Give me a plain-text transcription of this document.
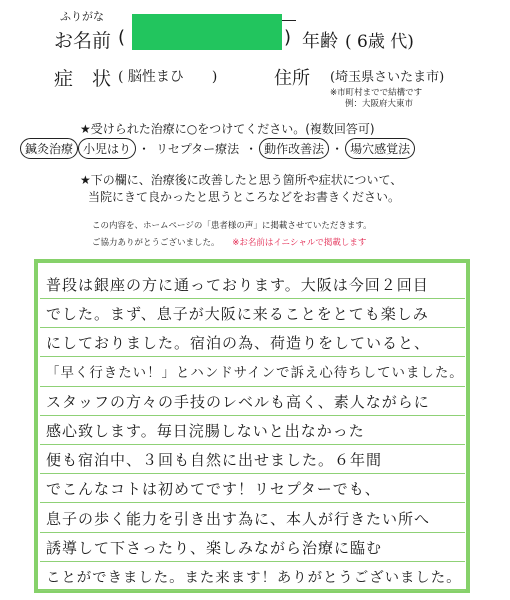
ふりがな
お名前 (	) 年齢 ( 6歳 代)
症　状 ( 脳性まひ　　)	住所 (埼玉県さいたま市)
※市町村までで結構です
例：大阪府大東市
★受けられた治療に○をつけてください。(複数回答可)
鍼灸治療 小児はり ・ リセプター療法 ・ 動作改善法 ・ 場穴感覚法
★下の欄に、治療後に改善したと思う箇所や症状について、
当院にきて良かったと思うところなどをお書きください。
この内容を、ホームページの「患者様の声」に掲載させていただきます。
ご協力ありがとうございました。 ※お名前はイニシャルで掲載します
普段は銀座の方に通っております。大阪は今回２回目
でした。まず、息子が大阪に来ることをとても楽しみ
にしておりました。宿泊の為、荷造りをしていると、
「早く行きたい！」とハンドサインで訴え心待ちしていました。
スタッフの方々の手技のレベルも高く、素人ながらに
感心致します。毎日浣腸しないと出なかった
便も宿泊中、３回も自然に出せました。６年間
でこんなコトは初めてです！リセプターでも、
息子の歩く能力を引き出す為に、本人が行きたい所へ
誘導して下さったり、楽しみながら治療に臨む
ことができました。また来ます！ありがとうございました。
